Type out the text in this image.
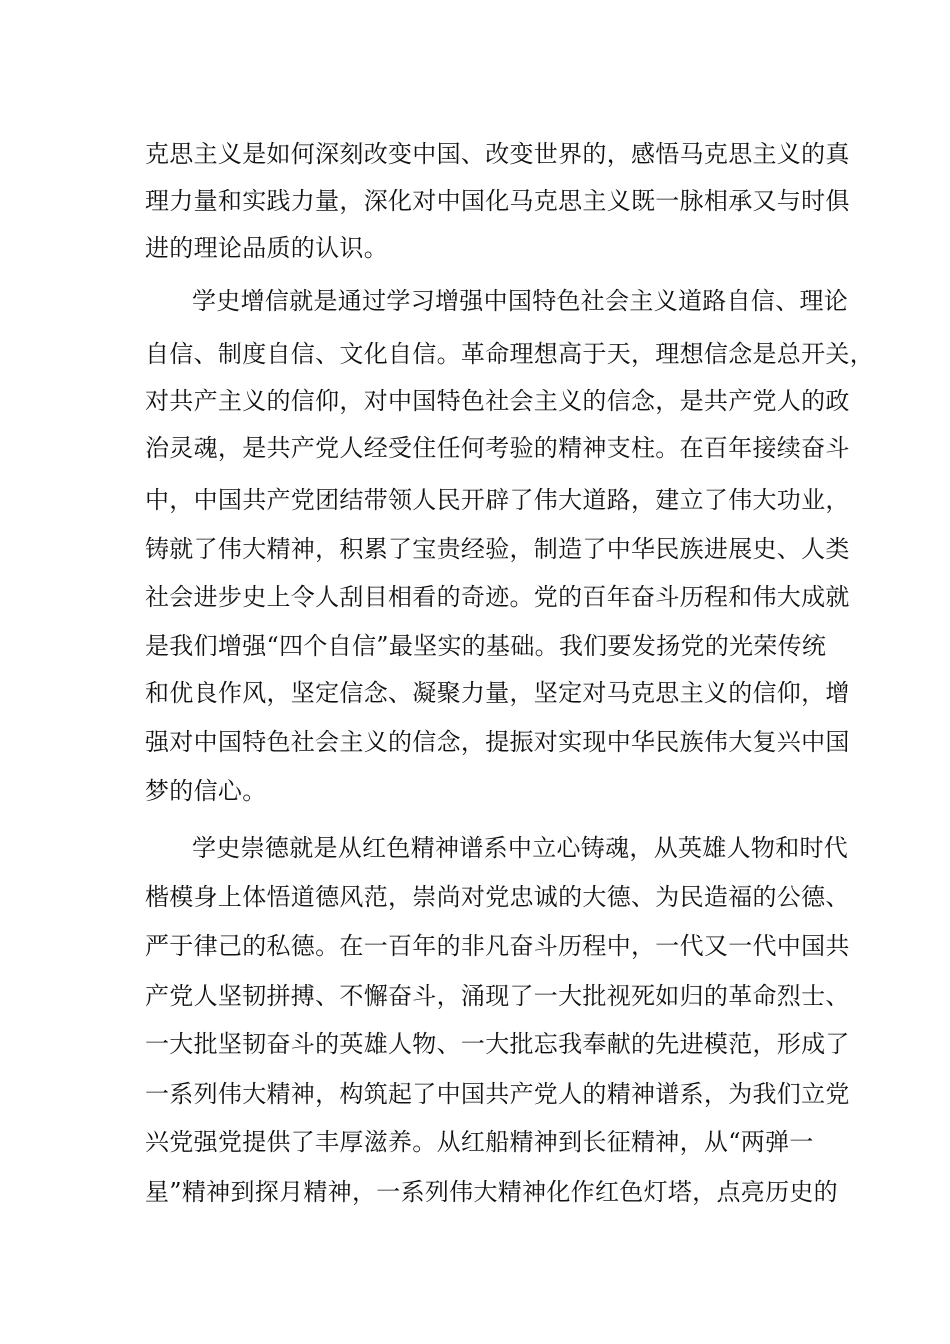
克思主义是如何深刻改变中国、改变世界的，感悟马克思主义的真
理力量和实践力量，深化对中国化马克思主义既一脉相承又与时俱
进的理论品质的认识。
学史增信就是通过学习增强中国特色社会主义道路自信、理论
自信、制度自信、文化自信。革命理想高于天，理想信念是总开关，
对共产主义的信仰，对中国特色社会主义的信念，是共产党人的政
治灵魂，是共产党人经受住任何考验的精神支柱。在百年接续奋斗
中，中国共产党团结带领人民开辟了伟大道路，建立了伟大功业，
铸就了伟大精神，积累了宝贵经验，制造了中华民族进展史、人类
社会进步史上令人刮目相看的奇迹。党的百年奋斗历程和伟大成就
是我们增强“四个自信”最坚实的基础。我们要发扬党的光荣传统
和优良作风，坚定信念、凝聚力量，坚定对马克思主义的信仰，增
强对中国特色社会主义的信念，提振对实现中华民族伟大复兴中国
梦的信心。
学史崇德就是从红色精神谱系中立心铸魂，从英雄人物和时代
楷模身上体悟道德风范，崇尚对党忠诚的大德、为民造福的公德、
严于律己的私德。在一百年的非凡奋斗历程中，一代又一代中国共
产党人坚韧拼搏、不懈奋斗，涌现了一大批视死如归的革命烈士、
一大批坚韧奋斗的英雄人物、一大批忘我奉献的先进模范，形成了
一系列伟大精神，构筑起了中国共产党人的精神谱系，为我们立党
兴党强党提供了丰厚滋养。从红船精神到长征精神，从“两弹一
星”精神到探月精神，一系列伟大精神化作红色灯塔，点亮历史的
